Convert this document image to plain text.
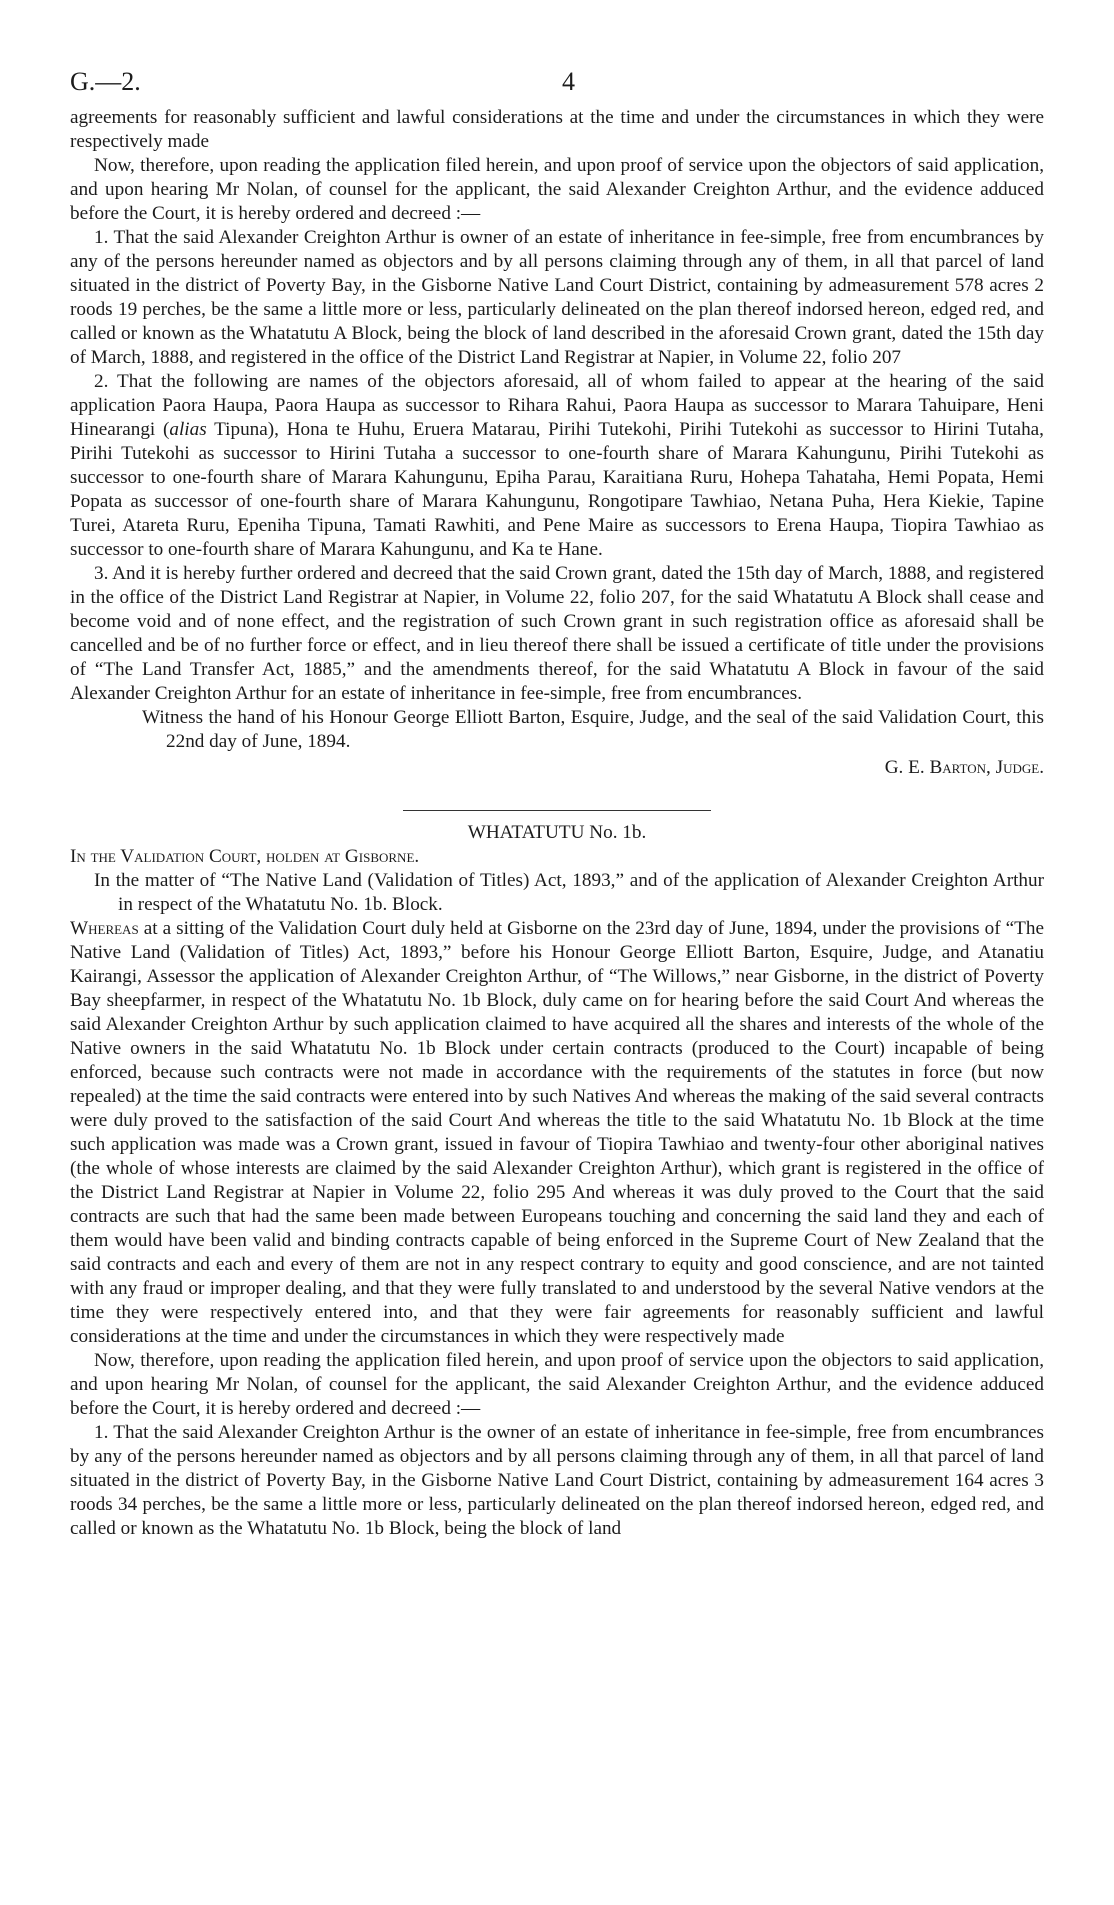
G.—2.	4

agreements for reasonably sufficient and lawful considerations at the time and under the circumstances in which they were respectively made

Now, therefore, upon reading the application filed herein, and upon proof of service upon the objectors of said application, and upon hearing Mr Nolan, of counsel for the applicant, the said Alexander Creighton Arthur, and the evidence adduced before the Court, it is hereby ordered and decreed :—

1. That the said Alexander Creighton Arthur is owner of an estate of inheritance in fee-simple, free from encumbrances by any of the persons hereunder named as objectors and by all persons claiming through any of them, in all that parcel of land situated in the district of Poverty Bay, in the Gisborne Native Land Court District, containing by admeasurement 578 acres 2 roods 19 perches, be the same a little more or less, particularly delineated on the plan thereof indorsed hereon, edged red, and called or known as the Whatatutu A Block, being the block of land described in the aforesaid Crown grant, dated the 15th day of March, 1888, and registered in the office of the District Land Registrar at Napier, in Volume 22, folio 207

2. That the following are names of the objectors aforesaid, all of whom failed to appear at the hearing of the said application Paora Haupa, Paora Haupa as successor to Rihara Rahui, Paora Haupa as successor to Marara Tahuipare, Heni Hinearangi (alias Tipuna), Hona te Huhu, Eruera Matarau, Pirihi Tutekohi, Pirihi Tutekohi as successor to Hirini Tutaha, Pirihi Tutekohi as successor to Hirini Tutaha a successor to one-fourth share of Marara Kahungunu, Pirihi Tutekohi as successor to one-fourth share of Marara Kahungunu, Epiha Parau, Karaitiana Ruru, Hohepa Tahataha, Hemi Popata, Hemi Popata as successor of one-fourth share of Marara Kahungunu, Rongotipare Tawhiao, Netana Puha, Hera Kiekie, Tapine Turei, Atareta Ruru, Epeniha Tipuna, Tamati Rawhiti, and Pene Maire as successors to Erena Haupa, Tiopira Tawhiao as successor to one-fourth share of Marara Kahungunu, and Ka te Hane.

3. And it is hereby further ordered and decreed that the said Crown grant, dated the 15th day of March, 1888, and registered in the office of the District Land Registrar at Napier, in Volume 22, folio 207, for the said Whatatutu A Block shall cease and become void and of none effect, and the registration of such Crown grant in such registration office as aforesaid shall be cancelled and be of no further force or effect, and in lieu thereof there shall be issued a certificate of title under the provisions of “The Land Transfer Act, 1885,” and the amendments thereof, for the said Whatatutu A Block in favour of the said Alexander Creighton Arthur for an estate of inheritance in fee-simple, free from encumbrances.

Witness the hand of his Honour George Elliott Barton, Esquire, Judge, and the seal of the said Validation Court, this 22nd day of June, 1894.

G. E. Barton, Judge.

WHATATUTU No. 1b.

In the Validation Court, holden at Gisborne.

In the matter of “The Native Land (Validation of Titles) Act, 1893,” and of the application of Alexander Creighton Arthur in respect of the Whatatutu No. 1b. Block.

Whereas at a sitting of the Validation Court duly held at Gisborne on the 23rd day of June, 1894, under the provisions of “The Native Land (Validation of Titles) Act, 1893,” before his Honour George Elliott Barton, Esquire, Judge, and Atanatiu Kairangi, Assessor the application of Alexander Creighton Arthur, of “The Willows,” near Gisborne, in the district of Poverty Bay sheepfarmer, in respect of the Whatatutu No. 1b Block, duly came on for hearing before the said Court And whereas the said Alexander Creighton Arthur by such application claimed to have acquired all the shares and interests of the whole of the Native owners in the said Whatatutu No. 1b Block under certain contracts (produced to the Court) incapable of being enforced, because such contracts were not made in accordance with the requirements of the statutes in force (but now repealed) at the time the said contracts were entered into by such Natives And whereas the making of the said several contracts were duly proved to the satisfaction of the said Court And whereas the title to the said Whatatutu No. 1b Block at the time such application was made was a Crown grant, issued in favour of Tiopira Tawhiao and twenty-four other aboriginal natives (the whole of whose interests are claimed by the said Alexander Creighton Arthur), which grant is registered in the office of the District Land Registrar at Napier in Volume 22, folio 295 And whereas it was duly proved to the Court that the said contracts are such that had the same been made between Europeans touching and concerning the said land they and each of them would have been valid and binding contracts capable of being enforced in the Supreme Court of New Zealand that the said contracts and each and every of them are not in any respect contrary to equity and good conscience, and are not tainted with any fraud or improper dealing, and that they were fully translated to and understood by the several Native vendors at the time they were respectively entered into, and that they were fair agreements for reasonably sufficient and lawful considerations at the time and under the circumstances in which they were respectively made

Now, therefore, upon reading the application filed herein, and upon proof of service upon the objectors to said application, and upon hearing Mr Nolan, of counsel for the applicant, the said Alexander Creighton Arthur, and the evidence adduced before the Court, it is hereby ordered and decreed :—

1. That the said Alexander Creighton Arthur is the owner of an estate of inheritance in fee-simple, free from encumbrances by any of the persons hereunder named as objectors and by all persons claiming through any of them, in all that parcel of land situated in the district of Poverty Bay, in the Gisborne Native Land Court District, containing by admeasurement 164 acres 3 roods 34 perches, be the same a little more or less, particularly delineated on the plan thereof indorsed hereon, edged red, and called or known as the Whatatutu No. 1b Block, being the block of land
